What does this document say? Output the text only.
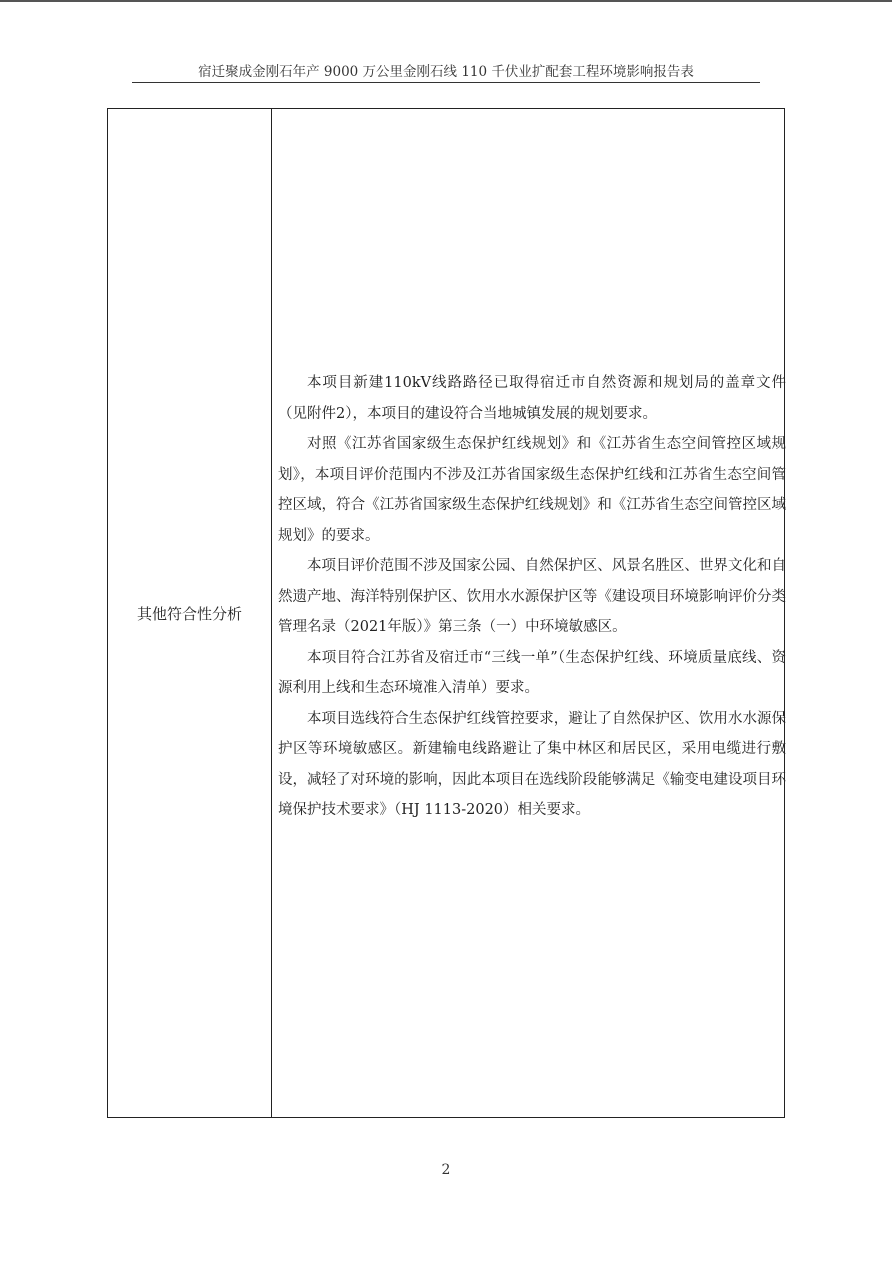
宿迁聚成金刚石年产 9000 万公里金刚石线 110 千伏业扩配套工程环境影响报告表
其他符合性分析

本项目新建110kV线路路径已取得宿迁市自然资源和规划局的盖章文件（见附件2），本项目的建设符合当地城镇发展的规划要求。

对照《江苏省国家级生态保护红线规划》和《江苏省生态空间管控区域规划》，本项目评价范围内不涉及江苏省国家级生态保护红线和江苏省生态空间管控区域，符合《江苏省国家级生态保护红线规划》和《江苏省生态空间管控区域规划》的要求。

本项目评价范围不涉及国家公园、自然保护区、风景名胜区、世界文化和自然遗产地、海洋特别保护区、饮用水水源保护区等《建设项目环境影响评价分类管理名录（2021年版）》第三条（一）中环境敏感区。

本项目符合江苏省及宿迁市“三线一单”（生态保护红线、环境质量底线、资源利用上线和生态环境准入清单）要求。

本项目选线符合生态保护红线管控要求，避让了自然保护区、饮用水水源保护区等环境敏感区。新建输电线路避让了集中林区和居民区，采用电缆进行敷设，减轻了对环境的影响，因此本项目在选线阶段能够满足《输变电建设项目环境保护技术要求》（HJ 1113-2020）相关要求。

2
